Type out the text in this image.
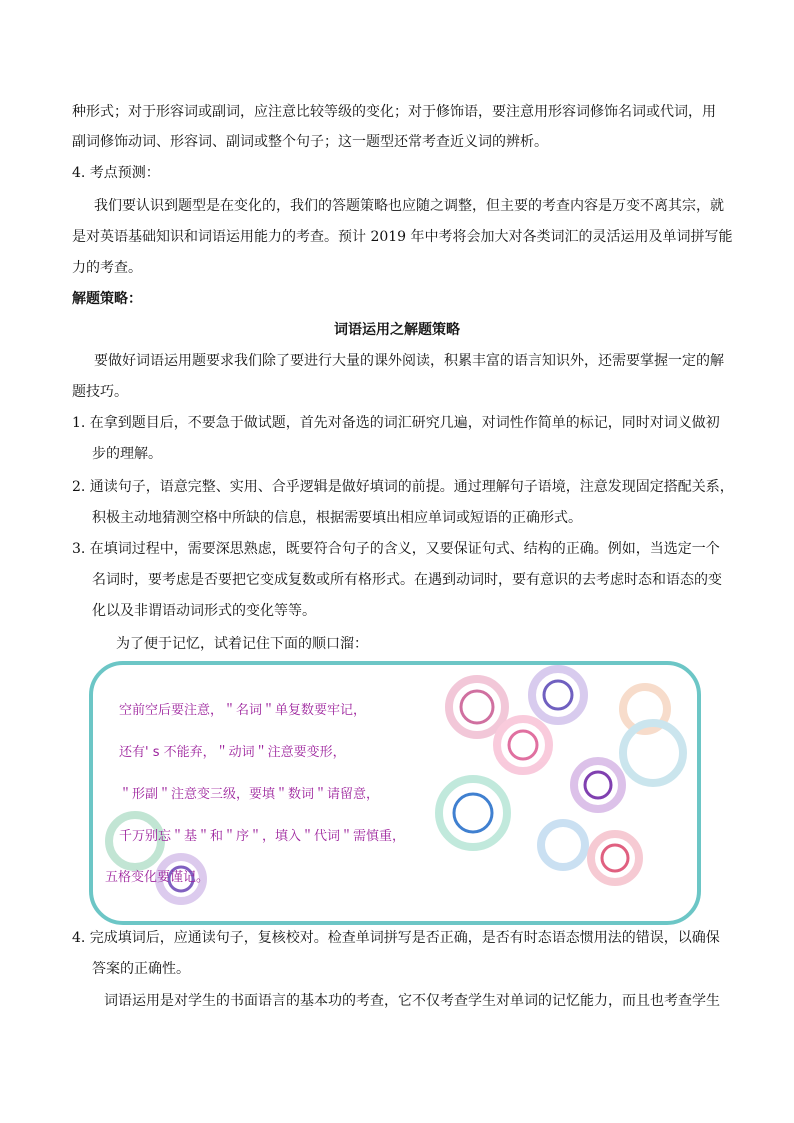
种形式；对于形容词或副词，应注意比较等级的变化；对于修饰语，要注意用形容词修饰名词或代词，用
副词修饰动词、形容词、副词或整个句子；这一题型还常考查近义词的辨析。
4. 考点预测：
我们要认识到题型是在变化的，我们的答题策略也应随之调整，但主要的考查内容是万变不离其宗，就
是对英语基础知识和词语运用能力的考查。预计 2019 年中考将会加大对各类词汇的灵活运用及单词拼写能
力的考查。
解题策略：
词语运用之解题策略
要做好词语运用题要求我们除了要进行大量的课外阅读，积累丰富的语言知识外，还需要掌握一定的解
题技巧。
1. 在拿到题目后，不要急于做试题，首先对备选的词汇研究几遍，对词性作简单的标记，同时对词义做初
步的理解。
2. 通读句子，语意完整、实用、合乎逻辑是做好填词的前提。通过理解句子语境，注意发现固定搭配关系，
积极主动地猜测空格中所缺的信息，根据需要填出相应单词或短语的正确形式。
3. 在填词过程中，需要深思熟虑，既要符合句子的含义，又要保证句式、结构的正确。例如，当选定一个
名词时，要考虑是否要把它变成复数或所有格形式。在遇到动词时，要有意识的去考虑时态和语态的变
化以及非谓语动词形式的变化等等。
为了便于记忆，试着记住下面的顺口溜：
空前空后要注意，＂名词＂单复数要牢记，
还有' s 不能弃，＂动词＂注意要变形，
＂形副＂注意变三级，要填＂数词＂请留意，
千万别忘＂基＂和＂序＂，填入＂代词＂需慎重，
五格变化要谨记。
4. 完成填词后，应通读句子，复核校对。检查单词拼写是否正确，是否有时态语态惯用法的错误，以确保
答案的正确性。
词语运用是对学生的书面语言的基本功的考查，它不仅考查学生对单词的记忆能力，而且也考查学生
